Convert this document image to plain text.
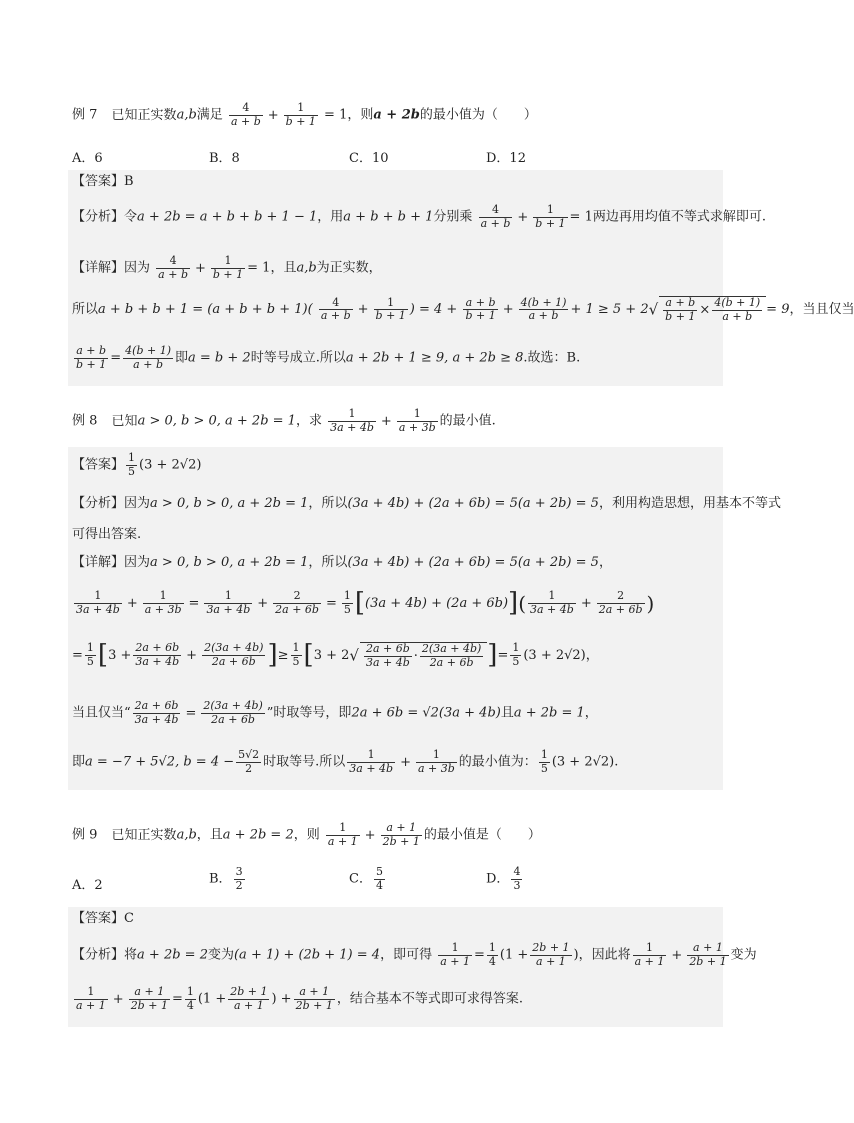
例 7 已知正实数a,b满足 $\frac{4}{a + b} + \frac{1}{b + 1} = 1$，则a + 2b的最小值为（　　）
A．6	B．8	C．10	D．12
【答案】B
【分析】令a + 2b = a + b + b + 1 − 1，用a + b + b + 1分别乘 $\frac{4}{a + b} + \frac{1}{b + 1} = 1$两边再用均值不等式求解即可.
【详解】因为 $\frac{4}{a + b} + \frac{1}{b + 1} = 1$，且a,b为正实数，
所以$a + b + b + 1 = (a + b + b + 1)( \frac{4}{a + b} + \frac{1}{b + 1}$ ) = $4 + \frac{a + b}{b + 1} + \frac{4(b + 1)}{a + b} + 1 \ge 5 + 2√ \frac{a + b}{b + 1} \times \frac{4(b + 1)}{a + b} = 9$，当且仅当
$\frac{a + b}{b + 1} = \frac{4(b + 1)}{a + b}$ 即a = b + 2时等号成立.所以a + 2b + 1 ≥ 9, a + 2b ≥ 8.故选：B.
例 8 已知a > 0, b > 0, a + 2b = 1，求 $\frac{1}{3a + 4b} + \frac{1}{a + 3b}$ 的最小值.
【答案】 $\frac{1}{5} (3 + 2√2)$
【分析】因为a > 0, b > 0, a + 2b = 1，所以(3a + 4b) + (2a + 6b) = 5(a + 2b) = 5，利用构造思想，用基本不等式
可得出答案.
【详解】因为a > 0, b > 0, a + 2b = 1，所以(3a + 4b) + (2a + 6b) = 5(a + 2b) = 5，
$\frac{1}{3a + 4b} + \frac{1}{a + 3b} = \frac{1}{3a + 4b} + \frac{2}{2a + 6b} = \frac{1}{5} [(3a + 4b) + (2a + 6b)]( \frac{1}{3a + 4b} + \frac{2}{2a + 6b}$ )
= $\frac{1}{5} [3 + \frac{2a + 6b}{3a + 4b} + \frac{2(3a + 4b)}{2a + 6b}$ ]≥ $\frac{1}{5} [3 + 2√ \frac{2a + 6b}{3a + 4b} \cdot \frac{2(3a + 4b)}{2a + 6b}$ ]= $\frac{1}{5} (3 + 2√2)$，
当且仅当“ $\frac{2a + 6b}{3a + 4b} = \frac{2(3a + 4b)}{2a + 6b}$ ”时取等号，即2a + 6b = √2(3a + 4b)且a + 2b = 1，
即a = −7 + 5√2, $b = 4 - \frac{5√2}{2}$ 时取等号.所以 $\frac{1}{3a + 4b} + \frac{1}{a + 3b}$ 的最小值为： $\frac{1}{5} (3 + 2√2)$.
例 9 已知正实数a,b，且a + 2b = 2，则 $\frac{1}{a + 1} + \frac{a + 1}{2b + 1}$ 的最小值是（　　）
A．2	B． $\frac{3}{2}$	C． $\frac{5}{4}$	D． $\frac{4}{3}$
【答案】C
【分析】将a + 2b = 2变为(a + 1) + (2b + 1) = 4，即可得 $\frac{1}{a + 1} = \frac{1}{4} (1 + \frac{2b + 1}{a + 1}$ )，因此将 $\frac{1}{a + 1} + \frac{a + 1}{2b + 1}$ 变为
$\frac{1}{a + 1} + \frac{a + 1}{2b + 1} = \frac{1}{4} (1 + \frac{2b + 1}{a + 1}$ ) + $\frac{a + 1}{2b + 1}$ ，结合基本不等式即可求得答案.
